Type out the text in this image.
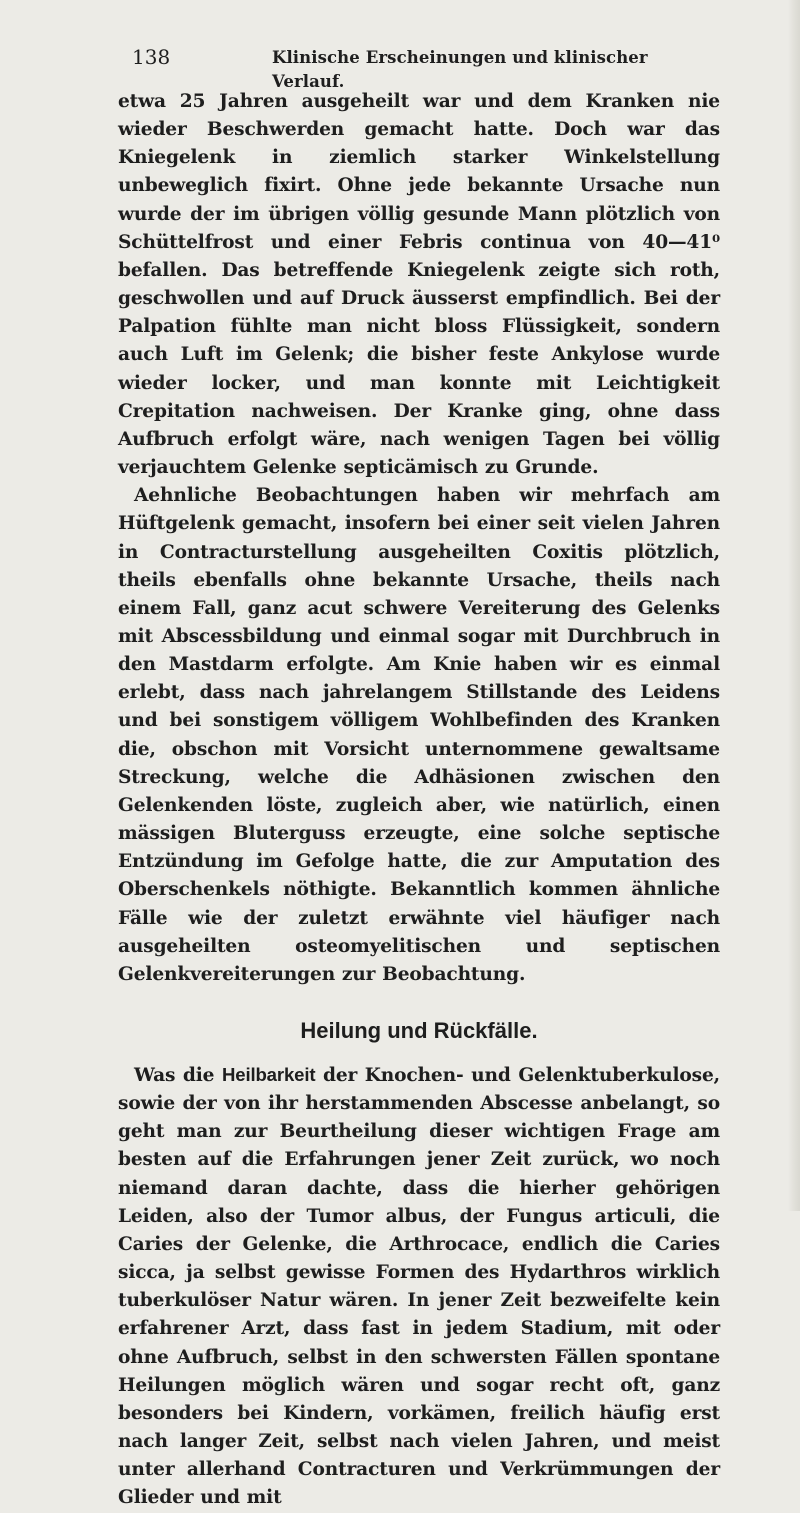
138	Klinische Erscheinungen und klinischer Verlauf.

etwa 25 Jahren ausgeheilt war und dem Kranken nie wieder Beschwerden gemacht hatte. Doch war das Kniegelenk in ziemlich starker Winkelstellung unbeweglich fixirt. Ohne jede bekannte Ursache nun wurde der im übrigen völlig gesunde Mann plötzlich von Schüttelfrost und einer Febris continua von 40—41⁰ befallen. Das betreffende Kniegelenk zeigte sich roth, geschwollen und auf Druck äusserst empfindlich. Bei der Palpation fühlte man nicht bloss Flüssigkeit, sondern auch Luft im Gelenk; die bisher feste Ankylose wurde wieder locker, und man konnte mit Leichtigkeit Crepitation nachweisen. Der Kranke ging, ohne dass Aufbruch erfolgt wäre, nach wenigen Tagen bei völlig verjauchtem Gelenke septicämisch zu Grunde.

Aehnliche Beobachtungen haben wir mehrfach am Hüftgelenk gemacht, insofern bei einer seit vielen Jahren in Contracturstellung ausgeheilten Coxitis plötzlich, theils ebenfalls ohne bekannte Ursache, theils nach einem Fall, ganz acut schwere Vereiterung des Gelenks mit Abscessbildung und einmal sogar mit Durchbruch in den Mastdarm erfolgte. Am Knie haben wir es einmal erlebt, dass nach jahrelangem Stillstande des Leidens und bei sonstigem völligem Wohlbefinden des Kranken die, obschon mit Vorsicht unternommene gewaltsame Streckung, welche die Adhäsionen zwischen den Gelenkenden löste, zugleich aber, wie natürlich, einen mässigen Bluterguss erzeugte, eine solche septische Entzündung im Gefolge hatte, die zur Amputation des Oberschenkels nöthigte. Bekanntlich kommen ähnliche Fälle wie der zuletzt erwähnte viel häufiger nach ausgeheilten osteomyelitischen und septischen Gelenkvereiterungen zur Beobachtung.

Heilung und Rückfälle.

Was die Heilbarkeit der Knochen- und Gelenktuberkulose, sowie der von ihr herstammenden Abscesse anbelangt, so geht man zur Beurtheilung dieser wichtigen Frage am besten auf die Erfahrungen jener Zeit zurück, wo noch niemand daran dachte, dass die hierher gehörigen Leiden, also der Tumor albus, der Fungus articuli, die Caries der Gelenke, die Arthrocace, endlich die Caries sicca, ja selbst gewisse Formen des Hydarthros wirklich tuberkulöser Natur wären. In jener Zeit bezweifelte kein erfahrener Arzt, dass fast in jedem Stadium, mit oder ohne Aufbruch, selbst in den schwersten Fällen spontane Heilungen möglich wären und sogar recht oft, ganz besonders bei Kindern, vorkämen, freilich häufig erst nach langer Zeit, selbst nach vielen Jahren, und meist unter allerhand Contracturen und Verkrümmungen der Glieder und mit
